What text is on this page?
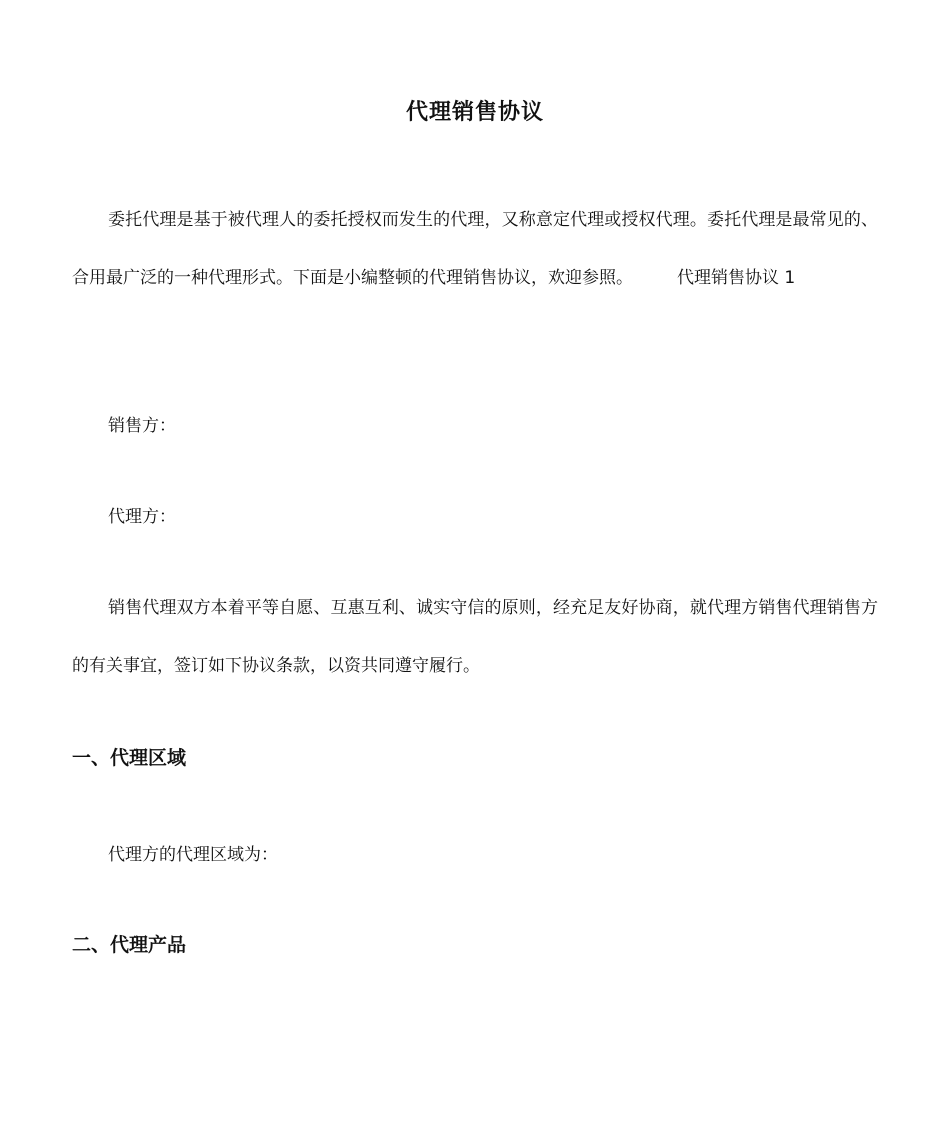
代理销售协议

委托代理是基于被代理人的委托授权而发生的代理，又称意定代理或授权代理。委托代理是最常见的、合用最广泛的一种代理形式。下面是小编整顿的代理销售协议，欢迎参照。	代理销售协议 1

销售方：

代理方：

销售代理双方本着平等自愿、互惠互利、诚实守信的原则，经充足友好协商，就代理方销售代理销售方 的有关事宜，签订如下协议条款，以资共同遵守履行。

一、代理区域

代理方的代理区域为：

二、代理产品
